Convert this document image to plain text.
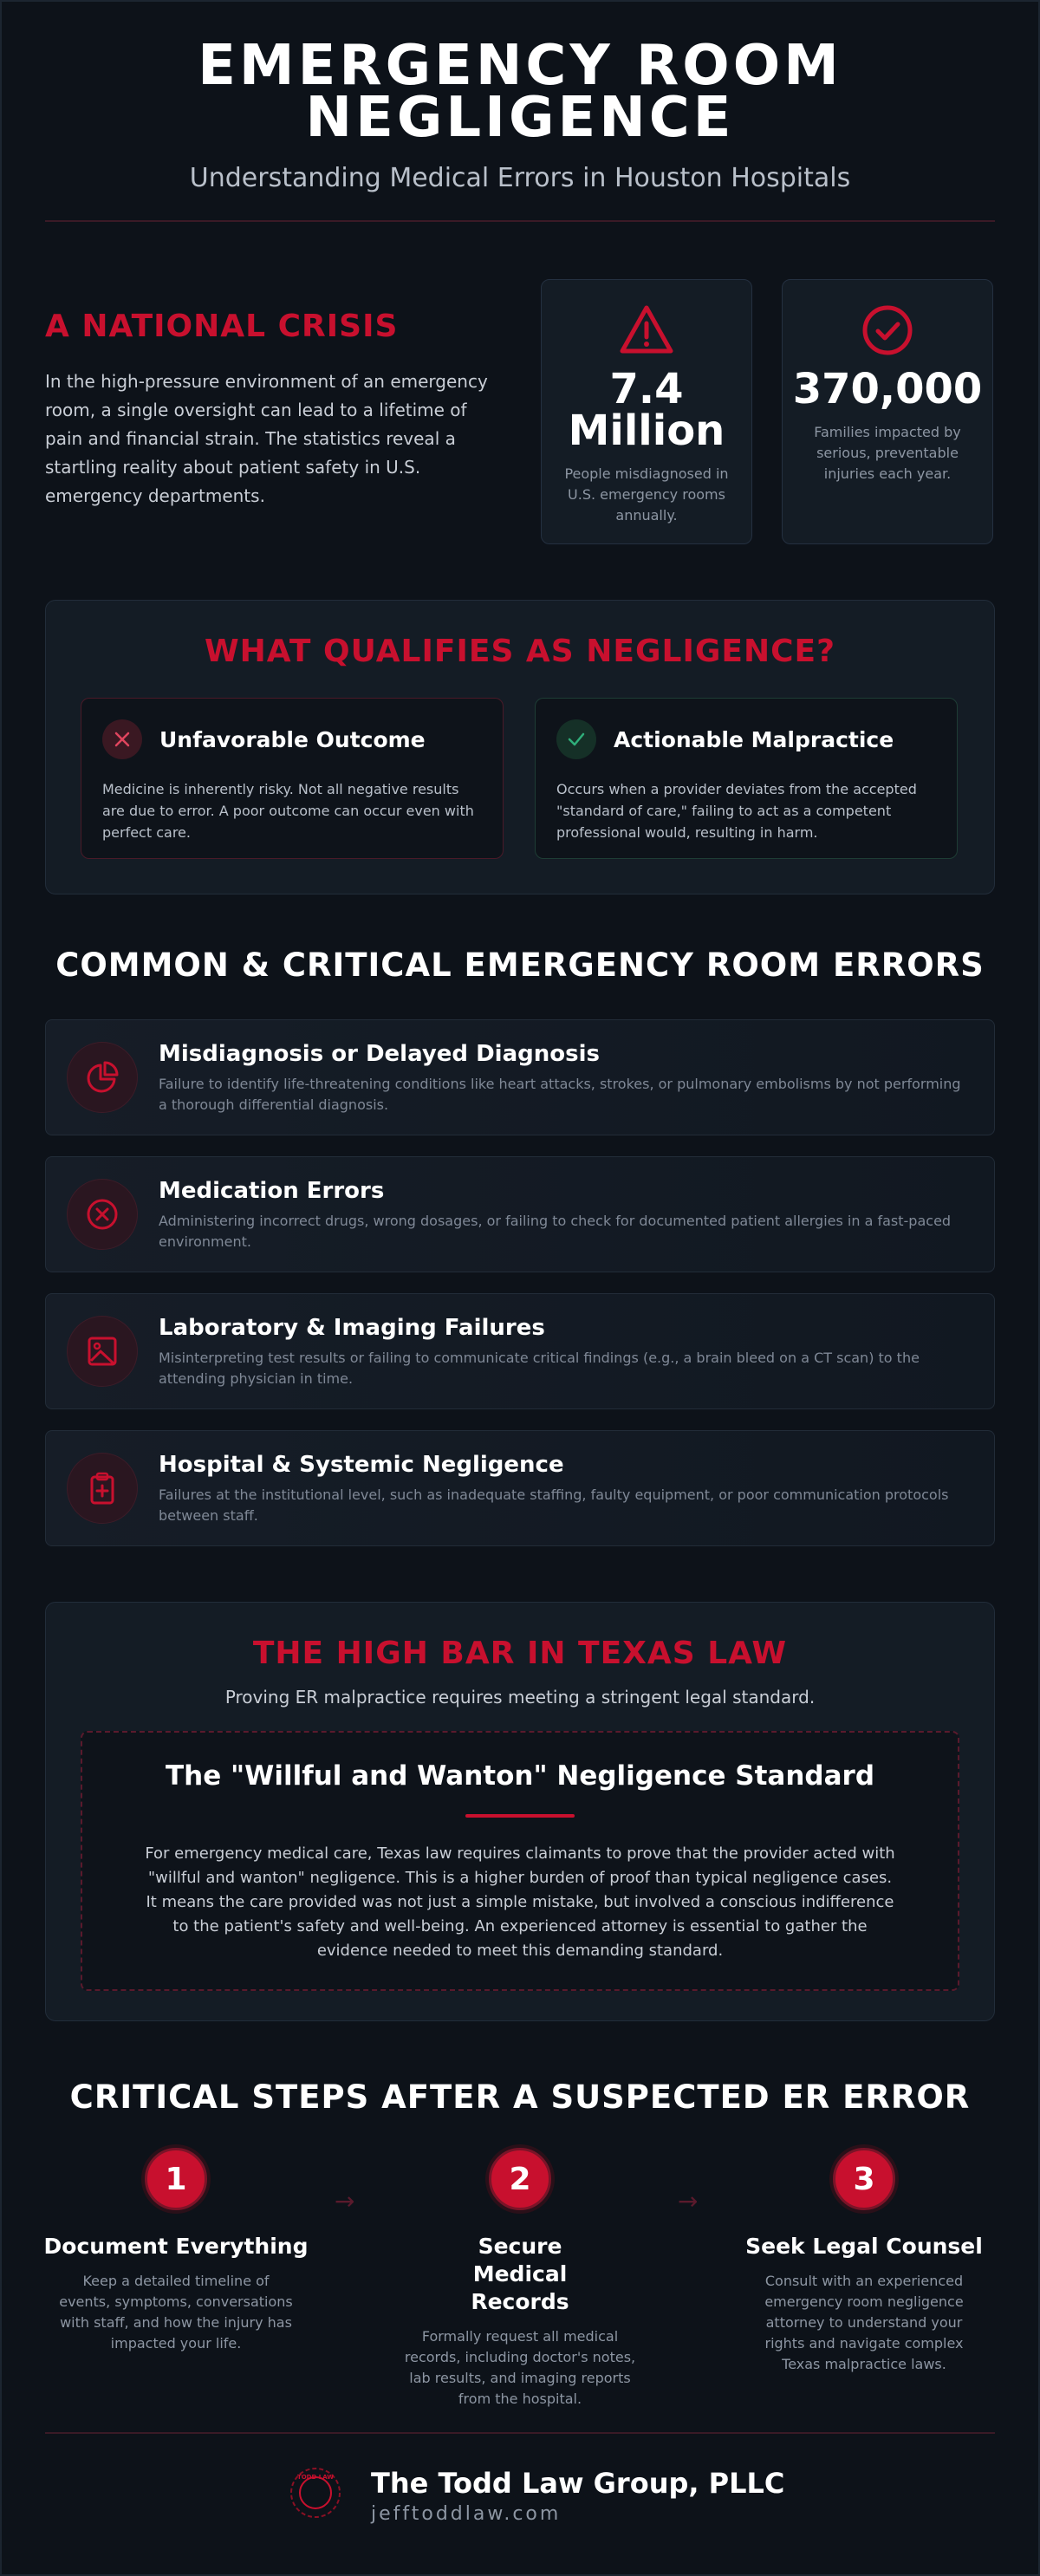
EMERGENCY ROOM
NEGLIGENCE
Understanding Medical Errors in Houston Hospitals
A NATIONAL CRISIS
In the high-pressure environment of an emergency room, a single oversight can lead to a lifetime of pain and financial strain. The statistics reveal a startling reality about patient safety in U.S. emergency departments.
7.4
Million
People misdiagnosed in U.S. emergency rooms annually.
370,000
Families impacted by serious, preventable injuries each year.
WHAT QUALIFIES AS NEGLIGENCE?
Unfavorable Outcome
Medicine is inherently risky. Not all negative results are due to error. A poor outcome can occur even with perfect care.
Actionable Malpractice
Occurs when a provider deviates from the accepted "standard of care," failing to act as a competent professional would, resulting in harm.
COMMON & CRITICAL EMERGENCY ROOM ERRORS
Misdiagnosis or Delayed Diagnosis
Failure to identify life-threatening conditions like heart attacks, strokes, or pulmonary embolisms by not performing a thorough differential diagnosis.
Medication Errors
Administering incorrect drugs, wrong dosages, or failing to check for documented patient allergies in a fast-paced environment.
Laboratory & Imaging Failures
Misinterpreting test results or failing to communicate critical findings (e.g., a brain bleed on a CT scan) to the attending physician in time.
Hospital & Systemic Negligence
Failures at the institutional level, such as inadequate staffing, faulty equipment, or poor communication protocols between staff.
THE HIGH BAR IN TEXAS LAW
Proving ER malpractice requires meeting a stringent legal standard.
The "Willful and Wanton" Negligence Standard
For emergency medical care, Texas law requires claimants to prove that the provider acted with "willful and wanton" negligence. This is a higher burden of proof than typical negligence cases. It means the care provided was not just a simple mistake, but involved a conscious indifference to the patient's safety and well-being. An experienced attorney is essential to gather the evidence needed to meet this demanding standard.
CRITICAL STEPS AFTER A SUSPECTED ER ERROR
1
Document Everything
Keep a detailed timeline of events, symptoms, conversations with staff, and how the injury has impacted your life.
→
2
Secure Medical Records
Formally request all medical records, including doctor's notes, lab results, and imaging reports from the hospital.
→
3
Seek Legal Counsel
Consult with an experienced emergency room negligence attorney to understand your rights and navigate complex Texas malpractice laws.
TODD LAW The Todd Law Group, PLLC
jefftoddlaw.com
